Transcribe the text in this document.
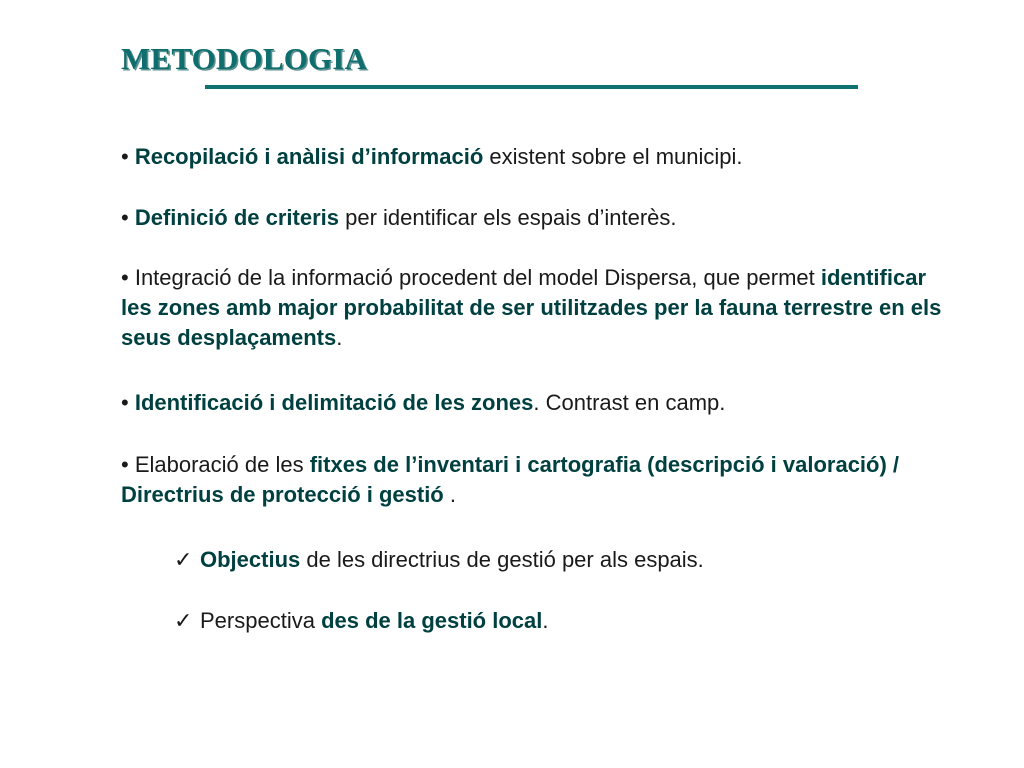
METODOLOGIA

• Recopilació i anàlisi d’informació existent sobre el municipi.

• Definició de criteris per identificar els espais d’interès.

• Integració de la informació procedent del model Dispersa, que permet identificar les zones amb major probabilitat de ser utilitzades per la fauna terrestre en els seus desplaçaments.

• Identificació i delimitació de les zones. Contrast en camp.

• Elaboració de les fitxes de l’inventari i cartografia (descripció i valoració) / Directrius de protecció i gestió .

✓ Objectius de les directrius de gestió per als espais.

✓ Perspectiva des de la gestió local.
